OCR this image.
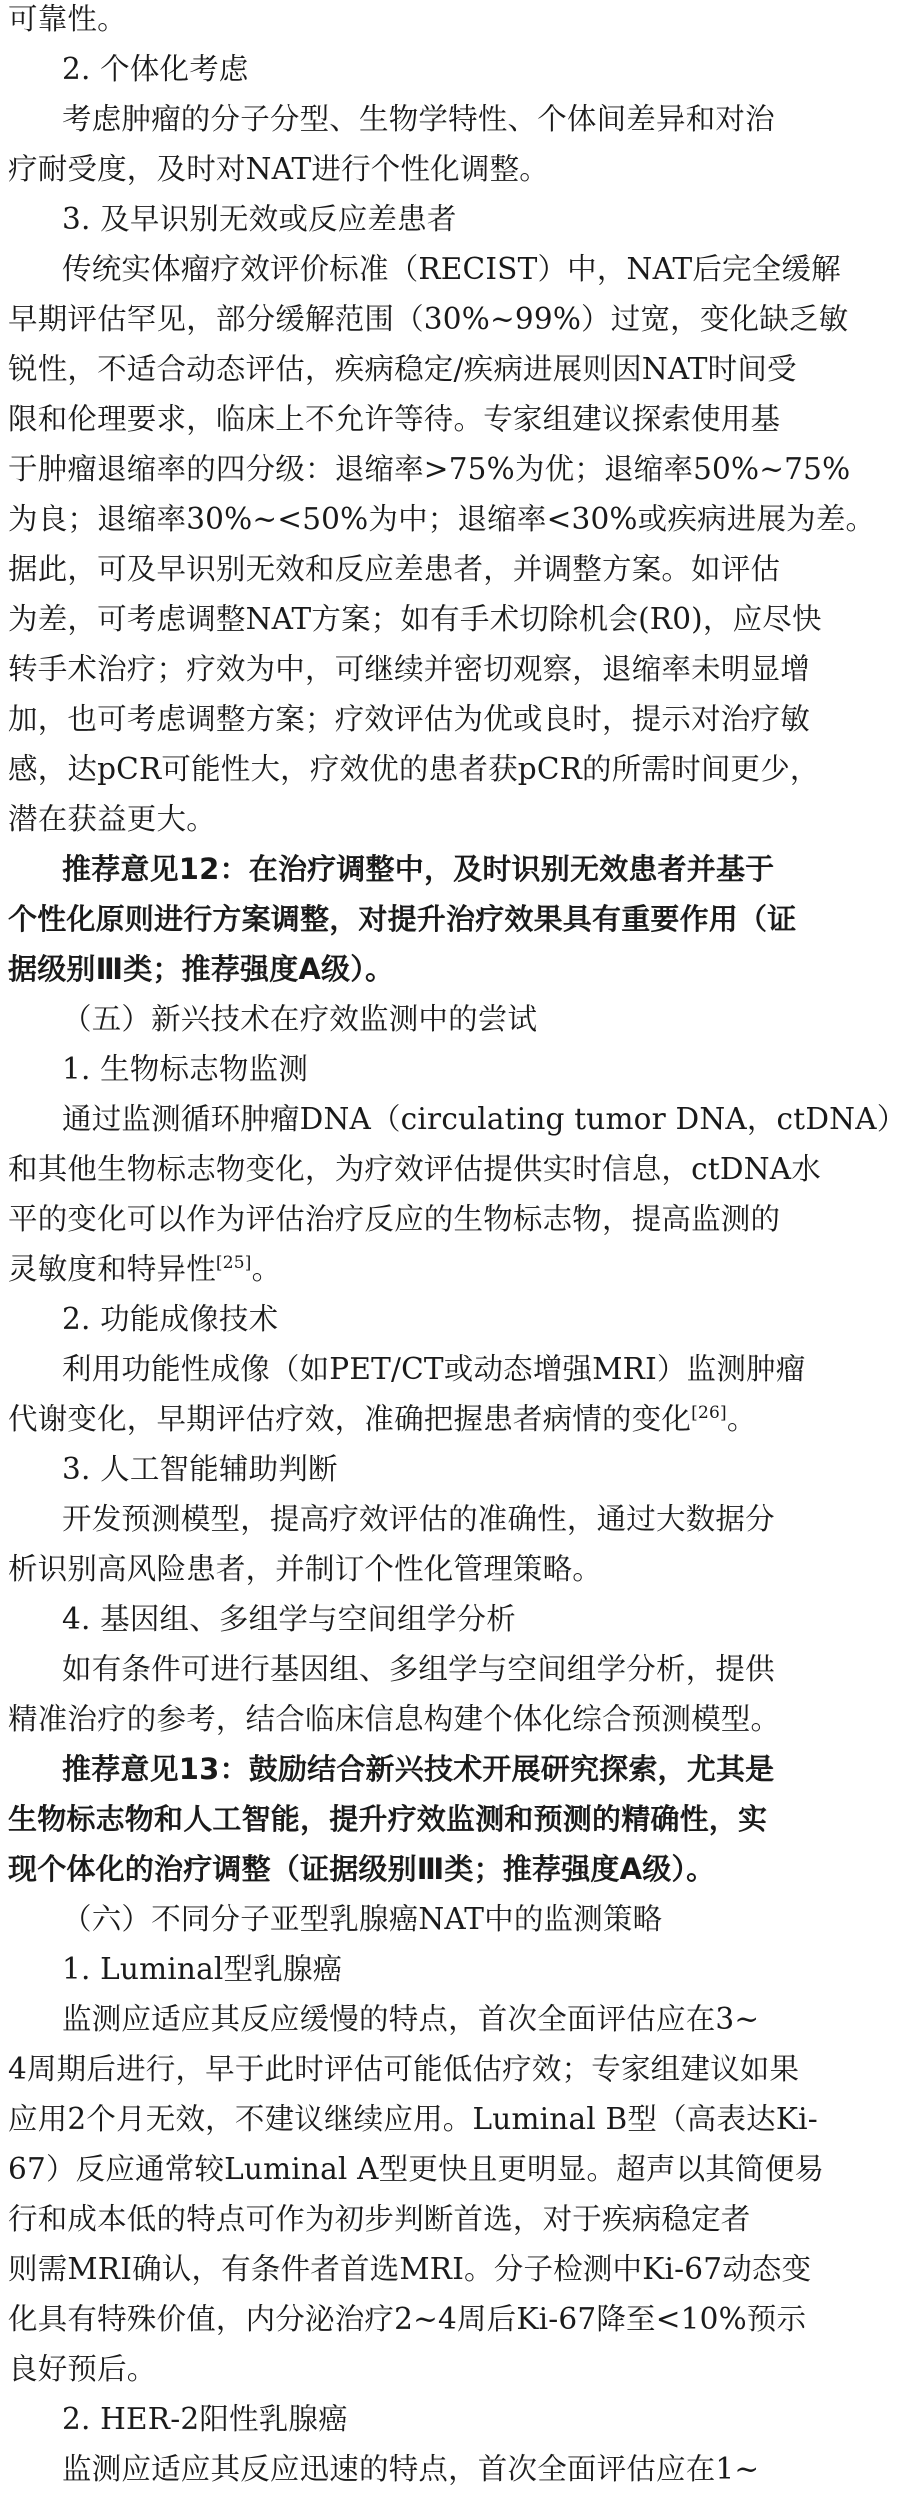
可靠性。
2. 个体化考虑
考虑肿瘤的分子分型、生物学特性、个体间差异和对治
疗耐受度，及时对NAT进行个性化调整。
3. 及早识别无效或反应差患者
传统实体瘤疗效评价标准（RECIST）中，NAT后完全缓解
早期评估罕见，部分缓解范围（30%~99%）过宽，变化缺乏敏
锐性，不适合动态评估，疾病稳定/疾病进展则因NAT时间受
限和伦理要求，临床上不允许等待。专家组建议探索使用基
于肿瘤退缩率的四分级：退缩率>75%为优；退缩率50%~75%
为良；退缩率30%~<50%为中；退缩率<30%或疾病进展为差。
据此，可及早识别无效和反应差患者，并调整方案。如评估
为差，可考虑调整NAT方案；如有手术切除机会(R0)，应尽快
转手术治疗；疗效为中，可继续并密切观察，退缩率未明显增
加，也可考虑调整方案；疗效评估为优或良时，提示对治疗敏
感，达pCR可能性大，疗效优的患者获pCR的所需时间更少，
潜在获益更大。
推荐意见12：在治疗调整中，及时识别无效患者并基于
个性化原则进行方案调整，对提升治疗效果具有重要作用（证
据级别Ⅲ类；推荐强度A级）。
（五）新兴技术在疗效监测中的尝试
1. 生物标志物监测
通过监测循环肿瘤DNA（circulating tumor DNA，ctDNA）
和其他生物标志物变化，为疗效评估提供实时信息，ctDNA水
平的变化可以作为评估治疗反应的生物标志物，提高监测的
灵敏度和特异性[25]。
2. 功能成像技术
利用功能性成像（如PET/CT或动态增强MRI）监测肿瘤
代谢变化，早期评估疗效，准确把握患者病情的变化[26]。
3. 人工智能辅助判断
开发预测模型，提高疗效评估的准确性，通过大数据分
析识别高风险患者，并制订个性化管理策略。
4. 基因组、多组学与空间组学分析
如有条件可进行基因组、多组学与空间组学分析，提供
精准治疗的参考，结合临床信息构建个体化综合预测模型。
推荐意见13：鼓励结合新兴技术开展研究探索，尤其是
生物标志物和人工智能，提升疗效监测和预测的精确性，实
现个体化的治疗调整（证据级别Ⅲ类；推荐强度A级）。
（六）不同分子亚型乳腺癌NAT中的监测策略
1. Luminal型乳腺癌
监测应适应其反应缓慢的特点，首次全面评估应在3~
4周期后进行，早于此时评估可能低估疗效；专家组建议如果
应用2个月无效，不建议继续应用。Luminal B型（高表达Ki-
67）反应通常较Luminal A型更快且更明显。超声以其简便易
行和成本低的特点可作为初步判断首选，对于疾病稳定者
则需MRI确认，有条件者首选MRI。分子检测中Ki-67动态变
化具有特殊价值，内分泌治疗2~4周后Ki-67降至<10%预示
良好预后。
2. HER-2阳性乳腺癌
监测应适应其反应迅速的特点，首次全面评估应在1~
